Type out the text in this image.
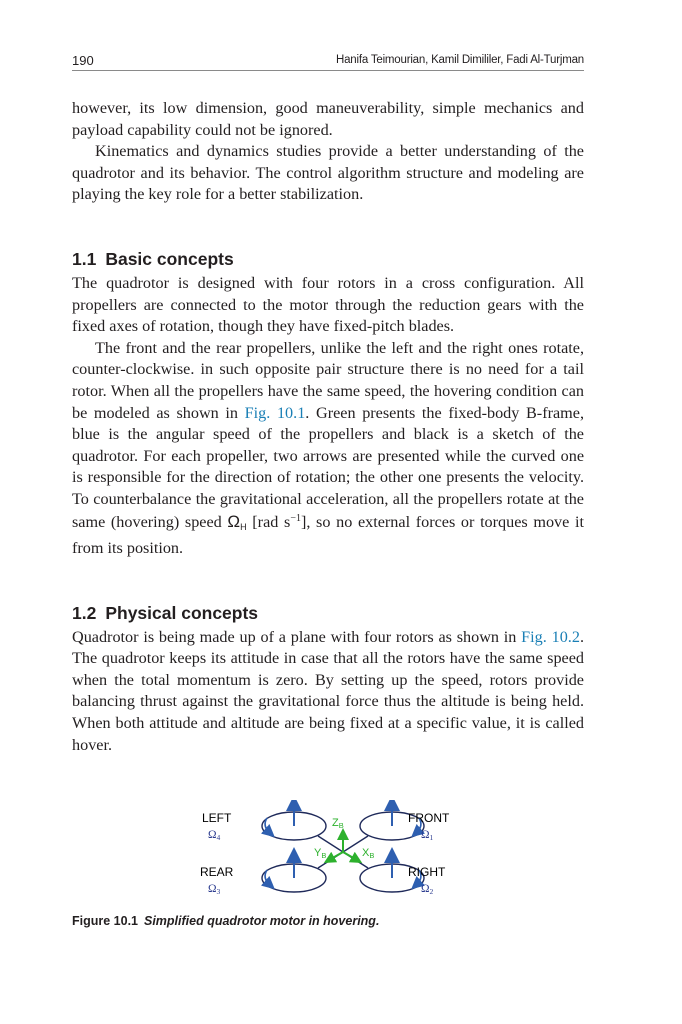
190	Hanifa Teimourian, Kamil Dimililer, Fadi Al-Turjman

however, its low dimension, good maneuverability, simple mechanics and payload capability could not be ignored.

Kinematics and dynamics studies provide a better understanding of the quadrotor and its behavior. The control algorithm structure and modeling are playing the key role for a better stabilization.

1.1 Basic concepts

The quadrotor is designed with four rotors in a cross configuration. All propellers are connected to the motor through the reduction gears with the fixed axes of rotation, though they have fixed-pitch blades.

The front and the rear propellers, unlike the left and the right ones rotate, counter-clockwise. in such opposite pair structure there is no need for a tail rotor. When all the propellers have the same speed, the hovering condition can be modeled as shown in Fig. 10.1. Green presents the fixed-body B-frame, blue is the angular speed of the propellers and black is a sketch of the quadrotor. For each propeller, two arrows are presented while the curved one is responsible for the direction of rotation; the other one presents the velocity. To counterbalance the gravitational acceleration, all the propellers rotate at the same (hovering) speed $\Omega_H$ [rad $s^{-1}$], so no external forces or torques move it from its position.

1.2 Physical concepts

Quadrotor is being made up of a plane with four rotors as shown in Fig. 10.2. The quadrotor keeps its attitude in case that all the rotors have the same speed when the total momentum is zero. By setting up the speed, rotors provide balancing thrust against the gravitational force thus the altitude is being held. When both attitude and altitude are being fixed at a specific value, it is called hover.

ZB
YB	XB
LEFT
Ω4
FRONT
Ω1
REAR
Ω3
RIGHT
Ω2
Figure 10.1 Simplified quadrotor motor in hovering.
